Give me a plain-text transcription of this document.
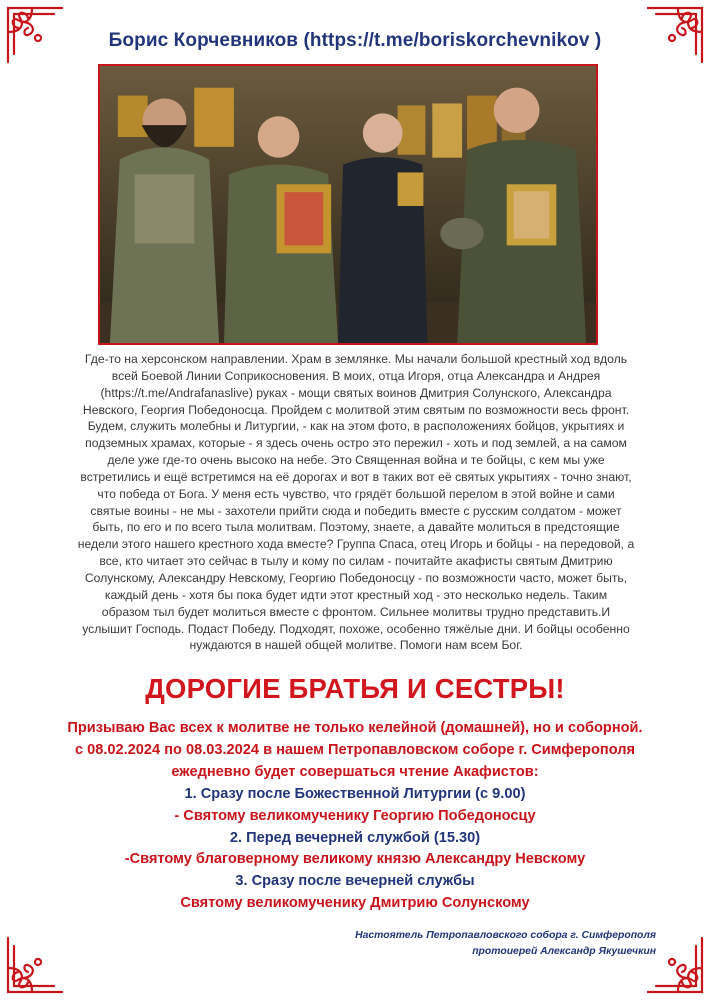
Борис Корчевников (https://t.me/boriskorchevnikov )
Где-то на херсонском направлении. Храм в землянке. Мы начали большой крестный ход вдоль
всей Боевой Линии Соприкосновения. В моих, отца Игоря, отца Александра и Андрея
(https://t.me/Andrafanaslive) руках - мощи святых воинов Дмитрия Солунского, Александра
Невского, Георгия Победоносца. Пройдем с молитвой этим святым по возможности весь фронт.
Будем, служить молебны и Литургии, - как на этом фото, в расположениях бойцов, укрытиях и
подземных храмах, которые - я здесь очень остро это пережил - хоть и под землей, а на самом
деле уже где-то очень высоко на небе. Это Священная война и те бойцы, с кем мы уже
встретились и ещё встретимся на её дорогах и вот в таких вот её святых укрытиях - точно знают,
что победа от Бога. У меня есть чувство, что грядёт большой перелом в этой войне и сами
святые воины - не мы - захотели прийти сюда и победить вместе с русским солдатом - может
быть, по его и по всего тыла молитвам. Поэтому, знаете, а давайте молиться в предстоящие
недели этого нашего крестного хода вместе? Группа Спаса, отец Игорь и бойцы - на передовой, а
все, кто читает это сейчас в тылу и кому по силам - почитайте акафисты святым Дмитрию
Солунскому, Александру Невскому, Георгию Победоносцу - по возможности часто, может быть,
каждый день - хотя бы пока будет идти этот крестный ход - это несколько недель. Таким
образом тыл будет молиться вместе с фронтом. Сильнее молитвы трудно представить.И
услышит Господь. Подаст Победу. Подходят, похоже, особенно тяжёлые дни. И бойцы особенно
нуждаются в нашей общей молитве. Помоги нам всем Бог.
ДОРОГИЕ БРАТЬЯ И СЕСТРЫ!
Призываю Вас всех к молитве не только келейной (домашней), но и соборной.
с 08.02.2024 по 08.03.2024 в нашем Петропавловском соборе г. Симферополя
ежедневно будет совершаться чтение Акафистов:
1. Сразу после Божественной Литургии (с 9.00)
- Святому великомученику Георгию Победоносцу
2. Перед вечерней службой (15.30)
-Святому благоверному великому князю Александру Невскому
3. Сразу после вечерней службы
Святому великомученику Дмитрию Солунскому
Настоятель Петропавловского собора г. Симферополя
протоиерей Александр Якушечкин
